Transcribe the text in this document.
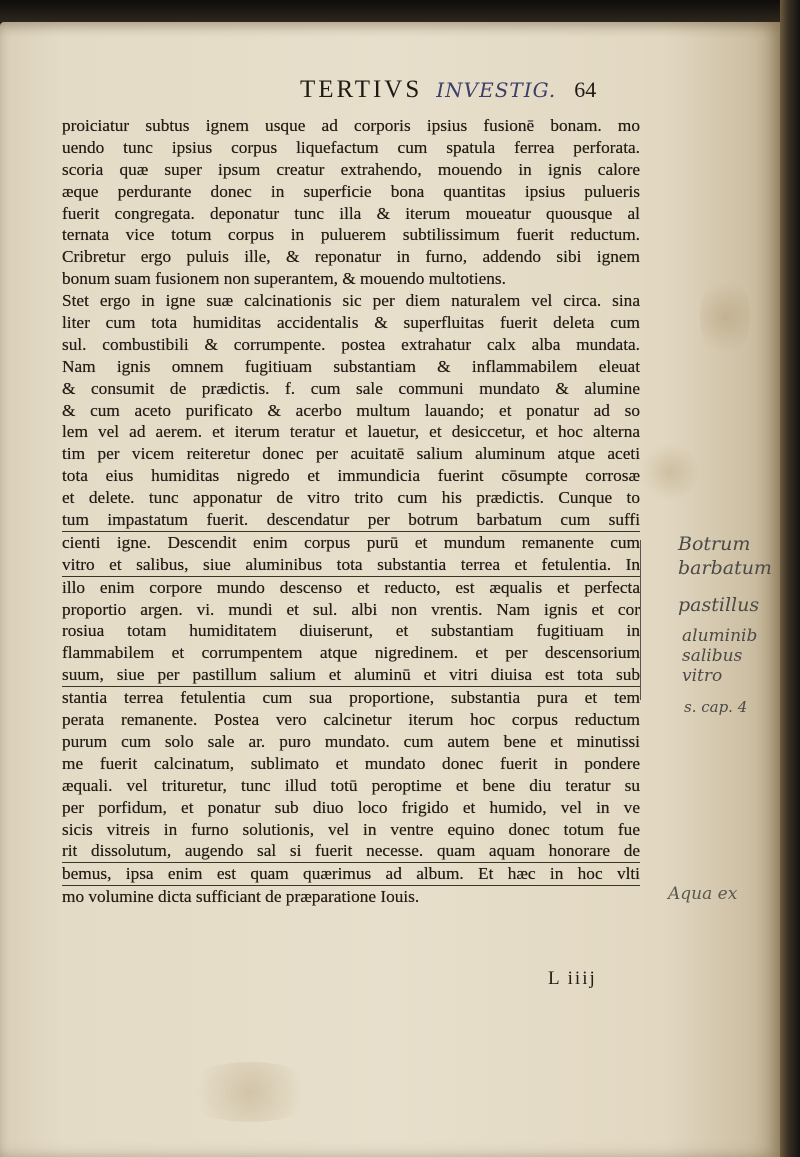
TERTIVS INVESTIG. 64
proiciatur subtus ignem usque ad corporis ipsius fusionē bonam. mo
uendo tunc ipsius corpus liquefactum cum spatula ferrea perforata.
scoria quæ super ipsum creatur extrahendo, mouendo in ignis calore
æque perdurante donec in superficie bona quantitas ipsius pulueris
fuerit congregata. deponatur tunc illa & iterum moueatur quousque al
ternata vice totum corpus in puluerem subtilissimum fuerit reductum.
Cribretur ergo puluis ille, & reponatur in furno, addendo sibi ignem
bonum suam fusionem non superantem, & mouendo multotiens.
Stet ergo in igne suæ calcinationis sic per diem naturalem vel circa. sina
liter cum tota humiditas accidentalis & superfluitas fuerit deleta cum
sul. combustibili & corrumpente. postea extrahatur calx alba mundata.
Nam ignis omnem fugitiuam substantiam & inflammabilem eleuat
& consumit de prædictis. f. cum sale communi mundato & alumine
& cum aceto purificato & acerbo multum lauando; et ponatur ad so
lem vel ad aerem. et iterum teratur et lauetur, et desiccetur, et hoc alterna
tim per vicem reiteretur donec per acuitatē salium aluminum atque aceti
tota eius humiditas nigredo et immundicia fuerint cōsumpte corrosæ
et delete. tunc apponatur de vitro trito cum his prædictis. Cunque to
tum impastatum fuerit. descendatur per botrum barbatum cum suffi
cienti igne. Descendit enim corpus purū et mundum remanente cum
vitro et salibus, siue aluminibus tota substantia terrea et fetulentia. In
illo enim corpore mundo descenso et reducto, est æqualis et perfecta
proportio argen. vi. mundi et sul. albi non vrentis. Nam ignis et cor
rosiua totam humiditatem diuiserunt, et substantiam fugitiuam in
flammabilem et corrumpentem atque nigredinem. et per descensorium
suum, siue per pastillum salium et aluminū et vitri diuisa est tota sub
stantia terrea fetulentia cum sua proportione, substantia pura et tem
perata remanente. Postea vero calcinetur iterum hoc corpus reductum
purum cum solo sale ar. puro mundato. cum autem bene et minutissi
me fuerit calcinatum, sublimato et mundato donec fuerit in pondere
æquali. vel trituretur, tunc illud totū peroptime et bene diu teratur su
per porfidum, et ponatur sub diuo loco frigido et humido, vel in ve
sicis vitreis in furno solutionis, vel in ventre equino donec totum fue
rit dissolutum, augendo sal si fuerit necesse. quam aquam honorare de
bemus, ipsa enim est quam quærimus ad album. Et hæc in hoc vlti
mo volumine dicta sufficiant de præparatione Iouis.
L iiij
Botrum
barbatum
pastillus
aluminib
salibus
vitro
s. cap. 4
Aqua ex
